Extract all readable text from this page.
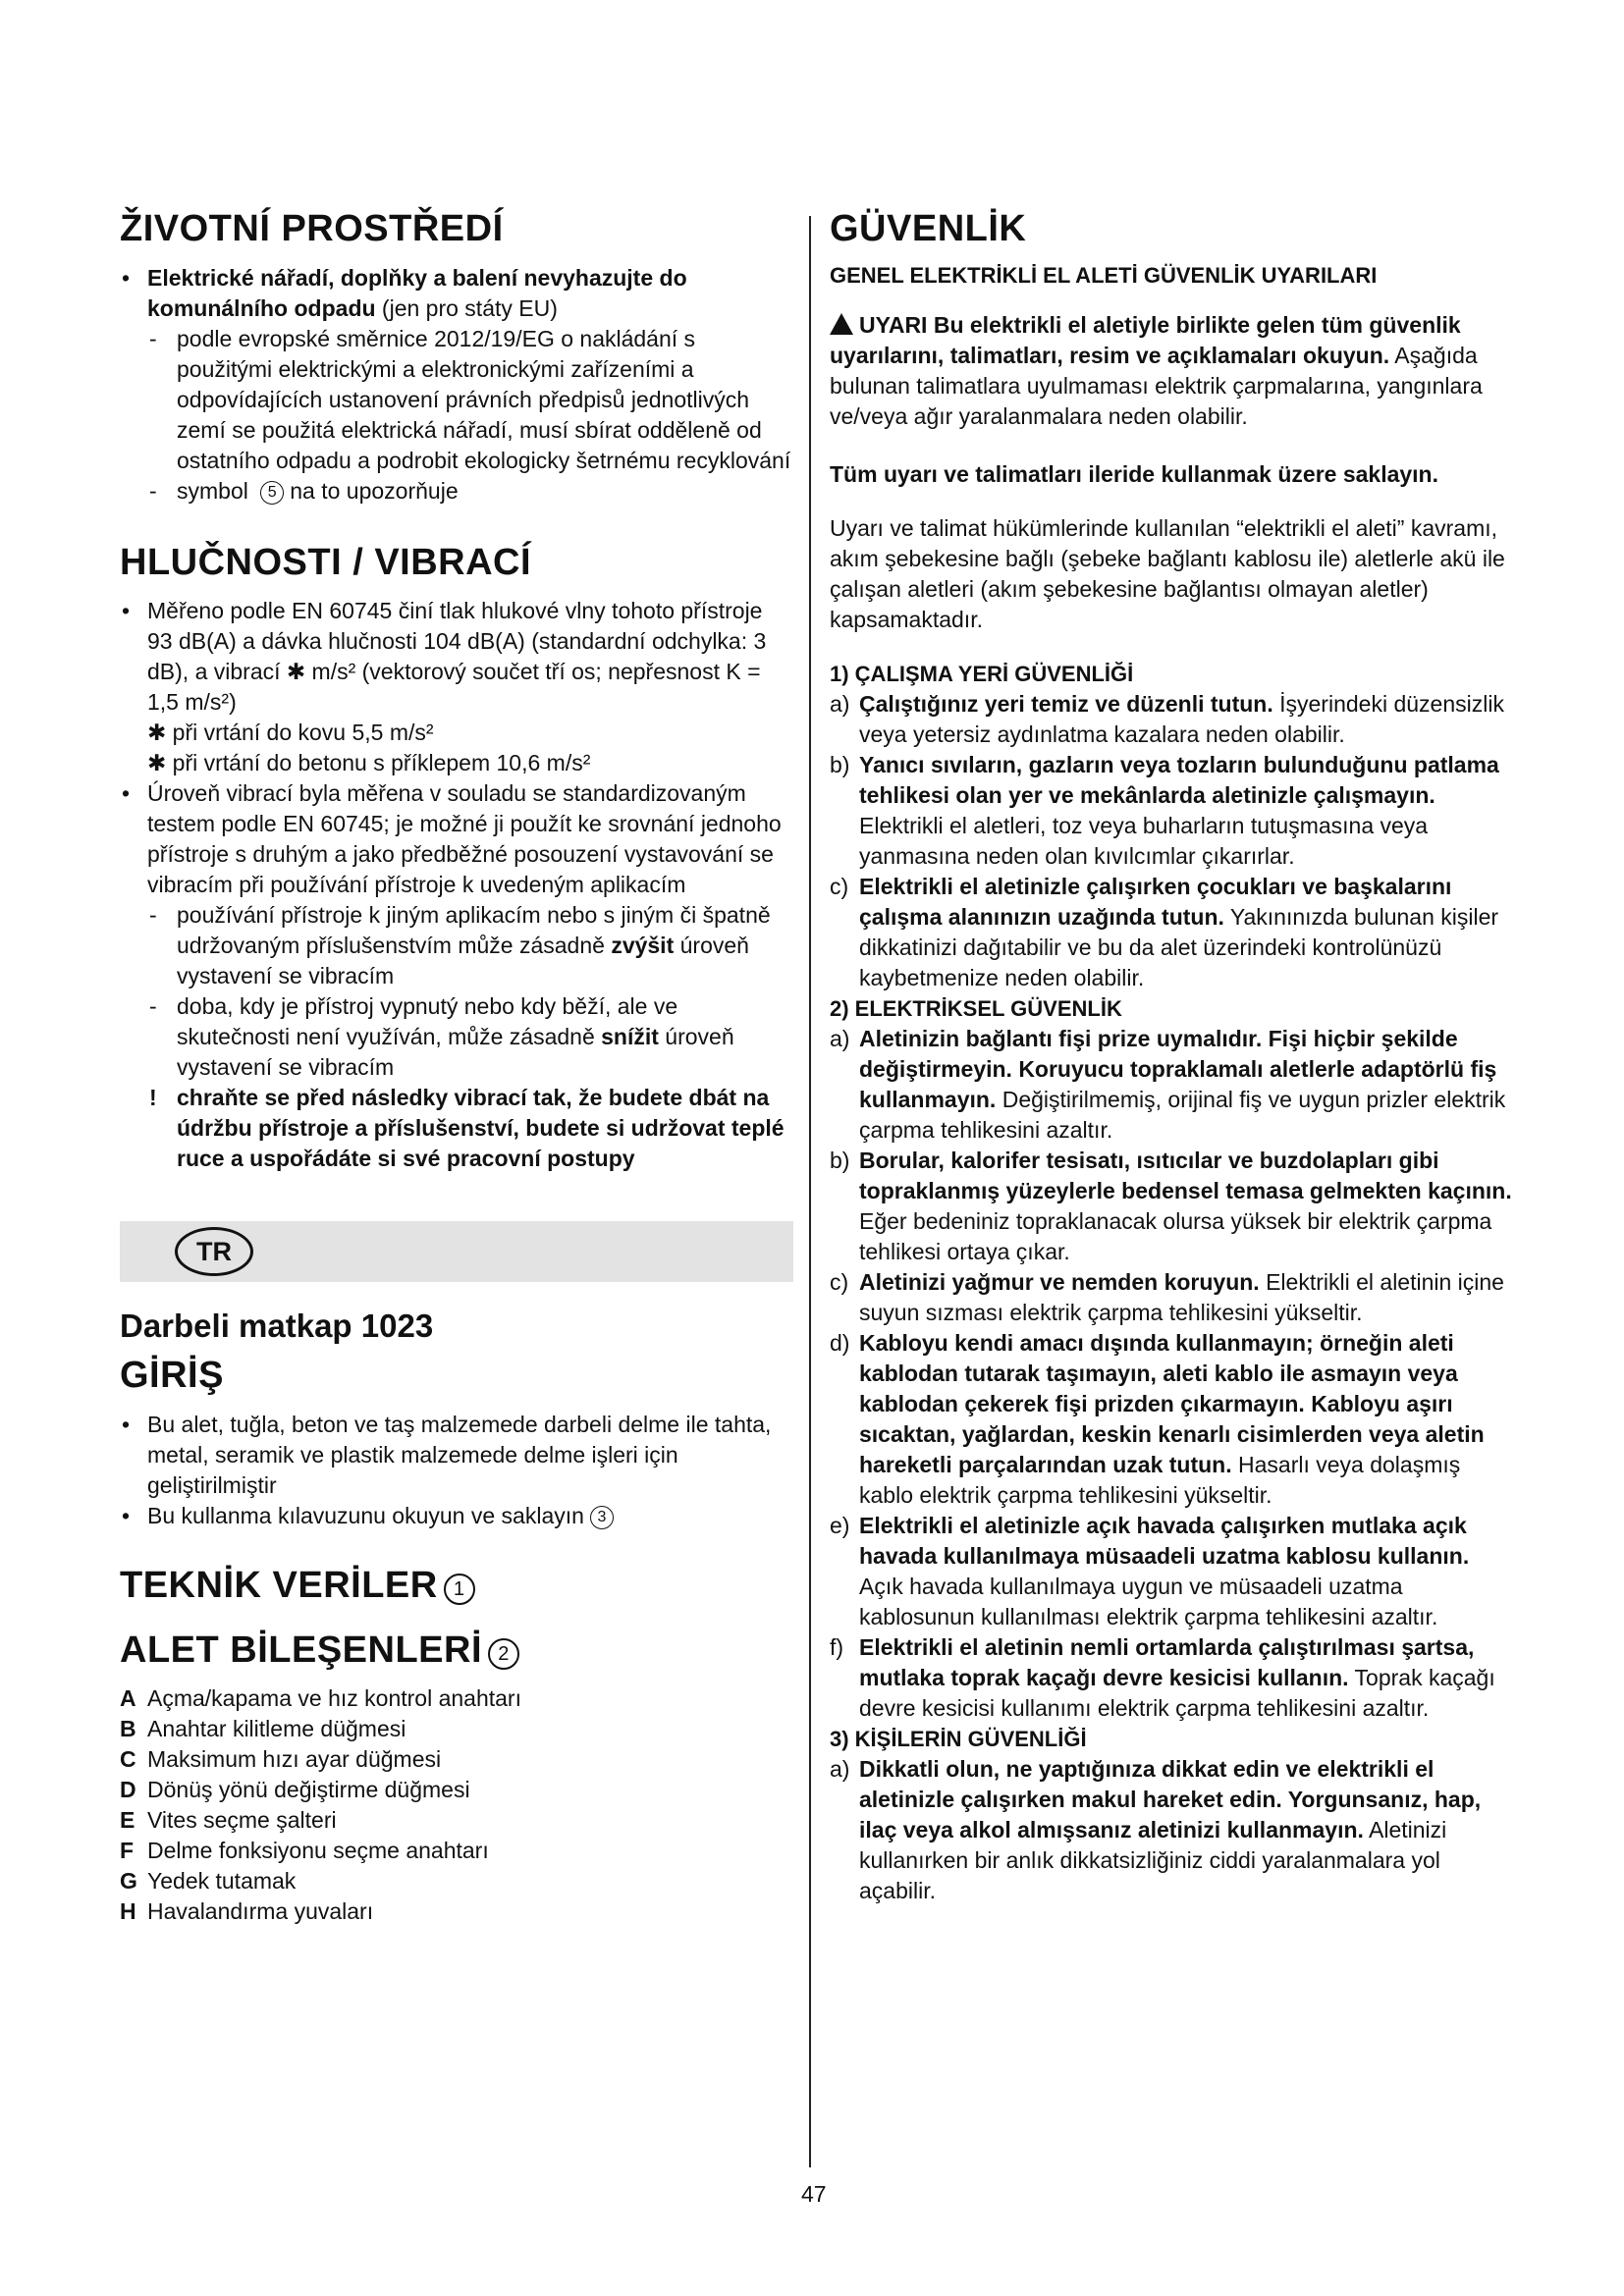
ŽIVOTNÍ PROSTŘEDÍ
• Elektrické nářadí, doplňky a balení nevyhazujte do komunálního odpadu (jen pro státy EU)
- podle evropské směrnice 2012/19/EG o nakládání s použitými elektrickými a elektronickými zařízeními a odpovídajících ustanovení právních předpisů jednotlivých zemí se použitá elektrická nářadí, musí sbírat odděleně od ostatního odpadu a podrobit ekologicky šetrnému recyklování
- symbol 5 na to upozorňuje
HLUČNOSTI / VIBRACÍ
• Měřeno podle EN 60745 činí tlak hlukové vlny tohoto přístroje 93 dB(A) a dávka hlučnosti 104 dB(A) (standardní odchylka: 3 dB), a vibrací ✱ m/s² (vektorový součet tří os; nepřesnost K = 1,5 m/s²)
✱ při vrtání do kovu 5,5 m/s²
✱ při vrtání do betonu s příklepem 10,6 m/s²
• Úroveň vibrací byla měřena v souladu se standardizovaným testem podle EN 60745; je možné ji použít ke srovnání jednoho přístroje s druhým a jako předběžné posouzení vystavování se vibracím při používání přístroje k uvedeným aplikacím
- používání přístroje k jiným aplikacím nebo s jiným či špatně udržovaným příslušenstvím může zásadně zvýšit úroveň vystavení se vibracím
- doba, kdy je přístroj vypnutý nebo kdy běží, ale ve skutečnosti není využíván, může zásadně snížit úroveň vystavení se vibracím
! chraňte se před následky vibrací tak, že budete dbát na údržbu přístroje a příslušenství, budete si udržovat teplé ruce a uspořádáte si své pracovní postupy
TR
Darbeli matkap 1023
GİRİŞ
• Bu alet, tuğla, beton ve taş malzemede darbeli delme ile tahta, metal, seramik ve plastik malzemede delme işleri için geliştirilmiştir
• Bu kullanma kılavuzunu okuyun ve saklayın 3
TEKNİK VERİLER 1
ALET BİLEŞENLERİ 2
A Açma/kapama ve hız kontrol anahtarı
B Anahtar kilitleme düğmesi
C Maksimum hızı ayar düğmesi
D Dönüş yönü değiştirme düğmesi
E Vites seçme şalteri
F Delme fonksiyonu seçme anahtarı
G Yedek tutamak
H Havalandırma yuvaları
GÜVENLİK
GENEL ELEKTRİKLİ EL ALETİ GÜVENLİK UYARILARI

UYARI Bu elektrikli el aletiyle birlikte gelen tüm güvenlik uyarılarını, talimatları, resim ve açıklamaları okuyun. Aşağıda bulunan talimatlara uyulmaması elektrik çarpmalarına, yangınlara ve/veya ağır yaralanmalara neden olabilir.

Tüm uyarı ve talimatları ileride kullanmak üzere saklayın.

Uyarı ve talimat hükümlerinde kullanılan “elektrikli el aleti” kavramı, akım şebekesine bağlı (şebeke bağlantı kablosu ile) aletlerle akü ile çalışan aletleri (akım şebekesine bağlantısı olmayan aletler) kapsamaktadır.

1) ÇALIŞMA YERİ GÜVENLİĞİ
a) Çalıştığınız yeri temiz ve düzenli tutun. İşyerindeki düzensizlik veya yetersiz aydınlatma kazalara neden olabilir.
b) Yanıcı sıvıların, gazların veya tozların bulunduğunu patlama tehlikesi olan yer ve mekânlarda aletinizle çalışmayın. Elektrikli el aletleri, toz veya buharların tutuşmasına veya yanmasına neden olan kıvılcımlar çıkarırlar.
c) Elektrikli el aletinizle çalışırken çocukları ve başkalarını çalışma alanınızın uzağında tutun. Yakınınızda bulunan kişiler dikkatinizi dağıtabilir ve bu da alet üzerindeki kontrolünüzü kaybetmenize neden olabilir.
2) ELEKTRİKSEL GÜVENLİK
a) Aletinizin bağlantı fişi prize uymalıdır. Fişi hiçbir şekilde değiştirmeyin. Koruyucu topraklamalı aletlerle adaptörlü fiş kullanmayın. Değiştirilmemiş, orijinal fiş ve uygun prizler elektrik çarpma tehlikesini azaltır.
b) Borular, kalorifer tesisatı, ısıtıcılar ve buzdolapları gibi topraklanmış yüzeylerle bedensel temasa gelmekten kaçının. Eğer bedeniniz topraklanacak olursa yüksek bir elektrik çarpma tehlikesi ortaya çıkar.
c) Aletinizi yağmur ve nemden koruyun. Elektrikli el aletinin içine suyun sızması elektrik çarpma tehlikesini yükseltir.
d) Kabloyu kendi amacı dışında kullanmayın; örneğin aleti kablodan tutarak taşımayın, aleti kablo ile asmayın veya kablodan çekerek fişi prizden çıkarmayın. Kabloyu aşırı sıcaktan, yağlardan, keskin kenarlı cisimlerden veya aletin hareketli parçalarından uzak tutun. Hasarlı veya dolaşmış kablo elektrik çarpma tehlikesini yükseltir.
e) Elektrikli el aletinizle açık havada çalışırken mutlaka açık havada kullanılmaya müsaadeli uzatma kablosu kullanın. Açık havada kullanılmaya uygun ve müsaadeli uzatma kablosunun kullanılması elektrik çarpma tehlikesini azaltır.
f) Elektrikli el aletinin nemli ortamlarda çalıştırılması şartsa, mutlaka toprak kaçağı devre kesicisi kullanın. Toprak kaçağı devre kesicisi kullanımı elektrik çarpma tehlikesini azaltır.
3) KİŞİLERİN GÜVENLİĞİ
a) Dikkatli olun, ne yaptığınıza dikkat edin ve elektrikli el aletinizle çalışırken makul hareket edin. Yorgunsanız, hap, ilaç veya alkol almışsanız aletinizi kullanmayın. Aletinizi kullanırken bir anlık dikkatsizliğiniz ciddi yaralanmalara yol açabilir.
47
